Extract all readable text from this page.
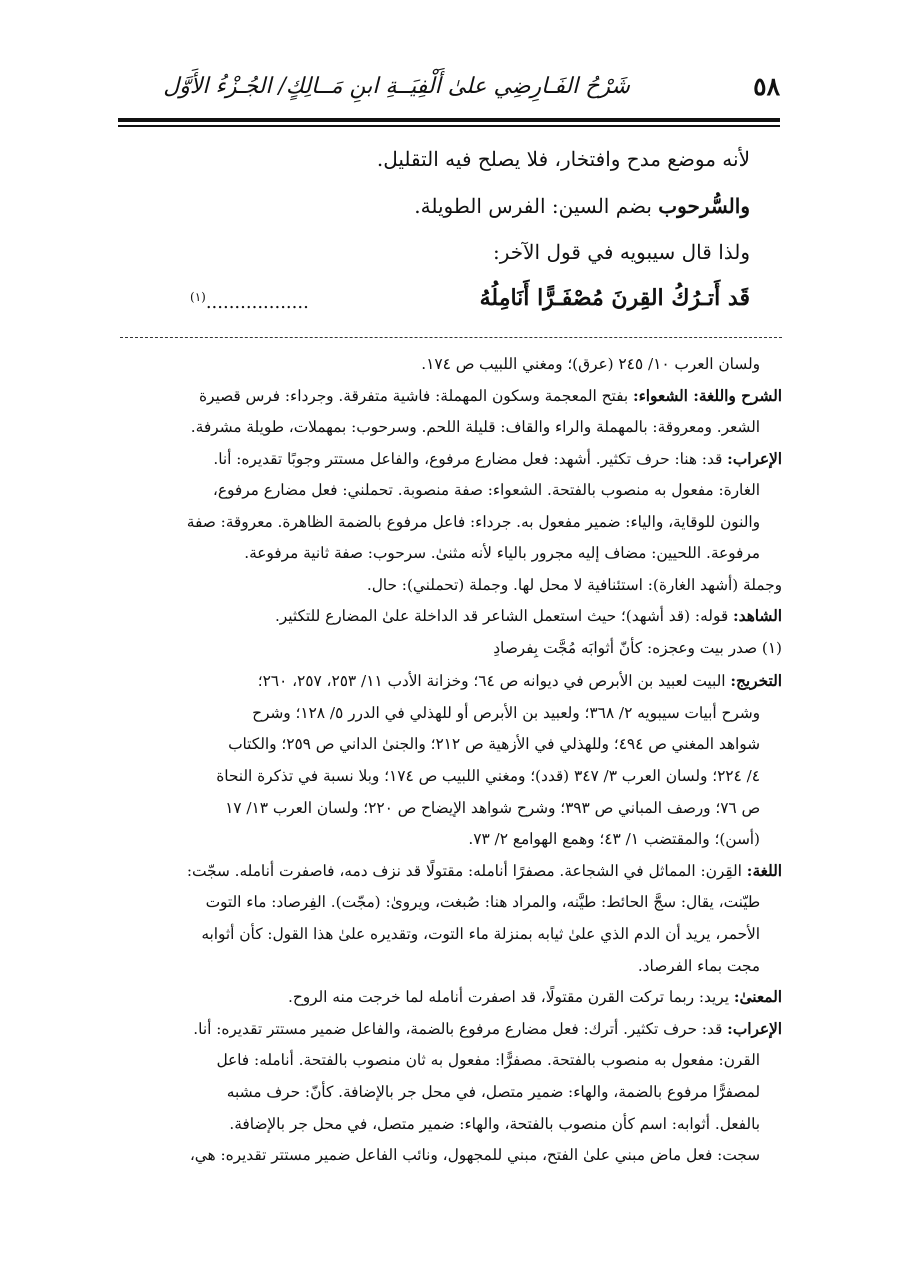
شَرْحُ الفَـارِضِي علىٰ أَلْفِيَــةِ ابنِ مَــالِكٍ/ الجُـزْءُ الأَوَّل	٥٨
لأنه موضع مدح وافتخار، فلا يصلح فيه التقليل.
والسُّرحوب بضم السين: الفرس الطويلة.
ولذا قال سيبويه في قول الآخر:
قَد أَتـرُكُ القِرنَ مُصْفَـرًّا أَنَامِلُهُ
..................$^{(١)}$
ولسان العرب ١٠/ ٢٤٥ (عرق)؛ ومغني اللبيب ص ١٧٤.
الشرح واللغة: الشعواء: بفتح المعجمة وسكون المهملة: فاشية متفرقة. وجرداء: فرس قصيرة
الشعر. ومعروقة: بالمهملة والراء والقاف: قليلة اللحم. وسرحوب: بمهملات، طويلة مشرفة.
الإعراب: قد: هنا: حرف تكثير. أشهد: فعل مضارع مرفوع، والفاعل مستتر وجوبًا تقديره: أنا.
الغارة: مفعول به منصوب بالفتحة. الشعواء: صفة منصوبة. تحملني: فعل مضارع مرفوع،
والنون للوقاية، والياء: ضمير مفعول به. جرداء: فاعل مرفوع بالضمة الظاهرة. معروقة: صفة
مرفوعة. اللحيين: مضاف إليه مجرور بالياء لأنه مثنىٰ. سرحوب: صفة ثانية مرفوعة.
وجملة (أشهد الغارة): استئنافية لا محل لها. وجملة (تحملني): حال.
الشاهد: قوله: (قد أشهد)؛ حيث استعمل الشاعر قد الداخلة علىٰ المضارع للتكثير.
(١) صدر بيت وعجزه: كأنّ أثوابَه مُجَّت بِفرصادِ
التخريج: البيت لعبيد بن الأبرص في ديوانه ص ٦٤؛ وخزانة الأدب ١١/ ٢٥٣، ٢٥٧، ٢٦٠؛
وشرح أبيات سيبويه ٢/ ٣٦٨؛ ولعبيد بن الأبرص أو للهذلي في الدرر ٥/ ١٢٨؛ وشرح
شواهد المغني ص ٤٩٤؛ وللهذلي في الأزهية ص ٢١٢؛ والجنىٰ الداني ص ٢٥٩؛ والكتاب
٤/ ٢٢٤؛ ولسان العرب ٣/ ٣٤٧ (قدد)؛ ومغني اللبيب ص ١٧٤؛ وبلا نسبة في تذكرة النحاة
ص ٧٦؛ ورصف المباني ص ٣٩٣؛ وشرح شواهد الإيضاح ص ٢٢٠؛ ولسان العرب ١٣/ ١٧
(أسن)؛ والمقتضب ١/ ٤٣؛ وهمع الهوامع ٢/ ٧٣.
اللغة: القِرن: المماثل في الشجاعة. مصفرًا أنامله: مقتولًا قد نزف دمه، فاصفرت أنامله. سجّت:
طيّنت، يقال: سجَّ الحائط: طيَّنه، والمراد هنا: صُبغت، ويروىٰ: (مجّت). الفِرصاد: ماء التوت
الأحمر، يريد أن الدم الذي علىٰ ثيابه بمنزلة ماء التوت، وتقديره علىٰ هذا القول: كأن أثوابه
مجت بماء الفرصاد.
المعنىٰ: يريد: ربما تركت القرن مقتولًا، قد اصفرت أنامله لما خرجت منه الروح.
الإعراب: قد: حرف تكثير. أترك: فعل مضارع مرفوع بالضمة، والفاعل ضمير مستتر تقديره: أنا.
القرن: مفعول به منصوب بالفتحة. مصفرًّا: مفعول به ثان منصوب بالفتحة. أنامله: فاعل
لمصفرًّا مرفوع بالضمة، والهاء: ضمير متصل، في محل جر بالإضافة. كأنّ: حرف مشبه
بالفعل. أثوابه: اسم كأن منصوب بالفتحة، والهاء: ضمير متصل، في محل جر بالإضافة.
سجت: فعل ماض مبني علىٰ الفتح، مبني للمجهول، ونائب الفاعل ضمير مستتر تقديره: هي،
